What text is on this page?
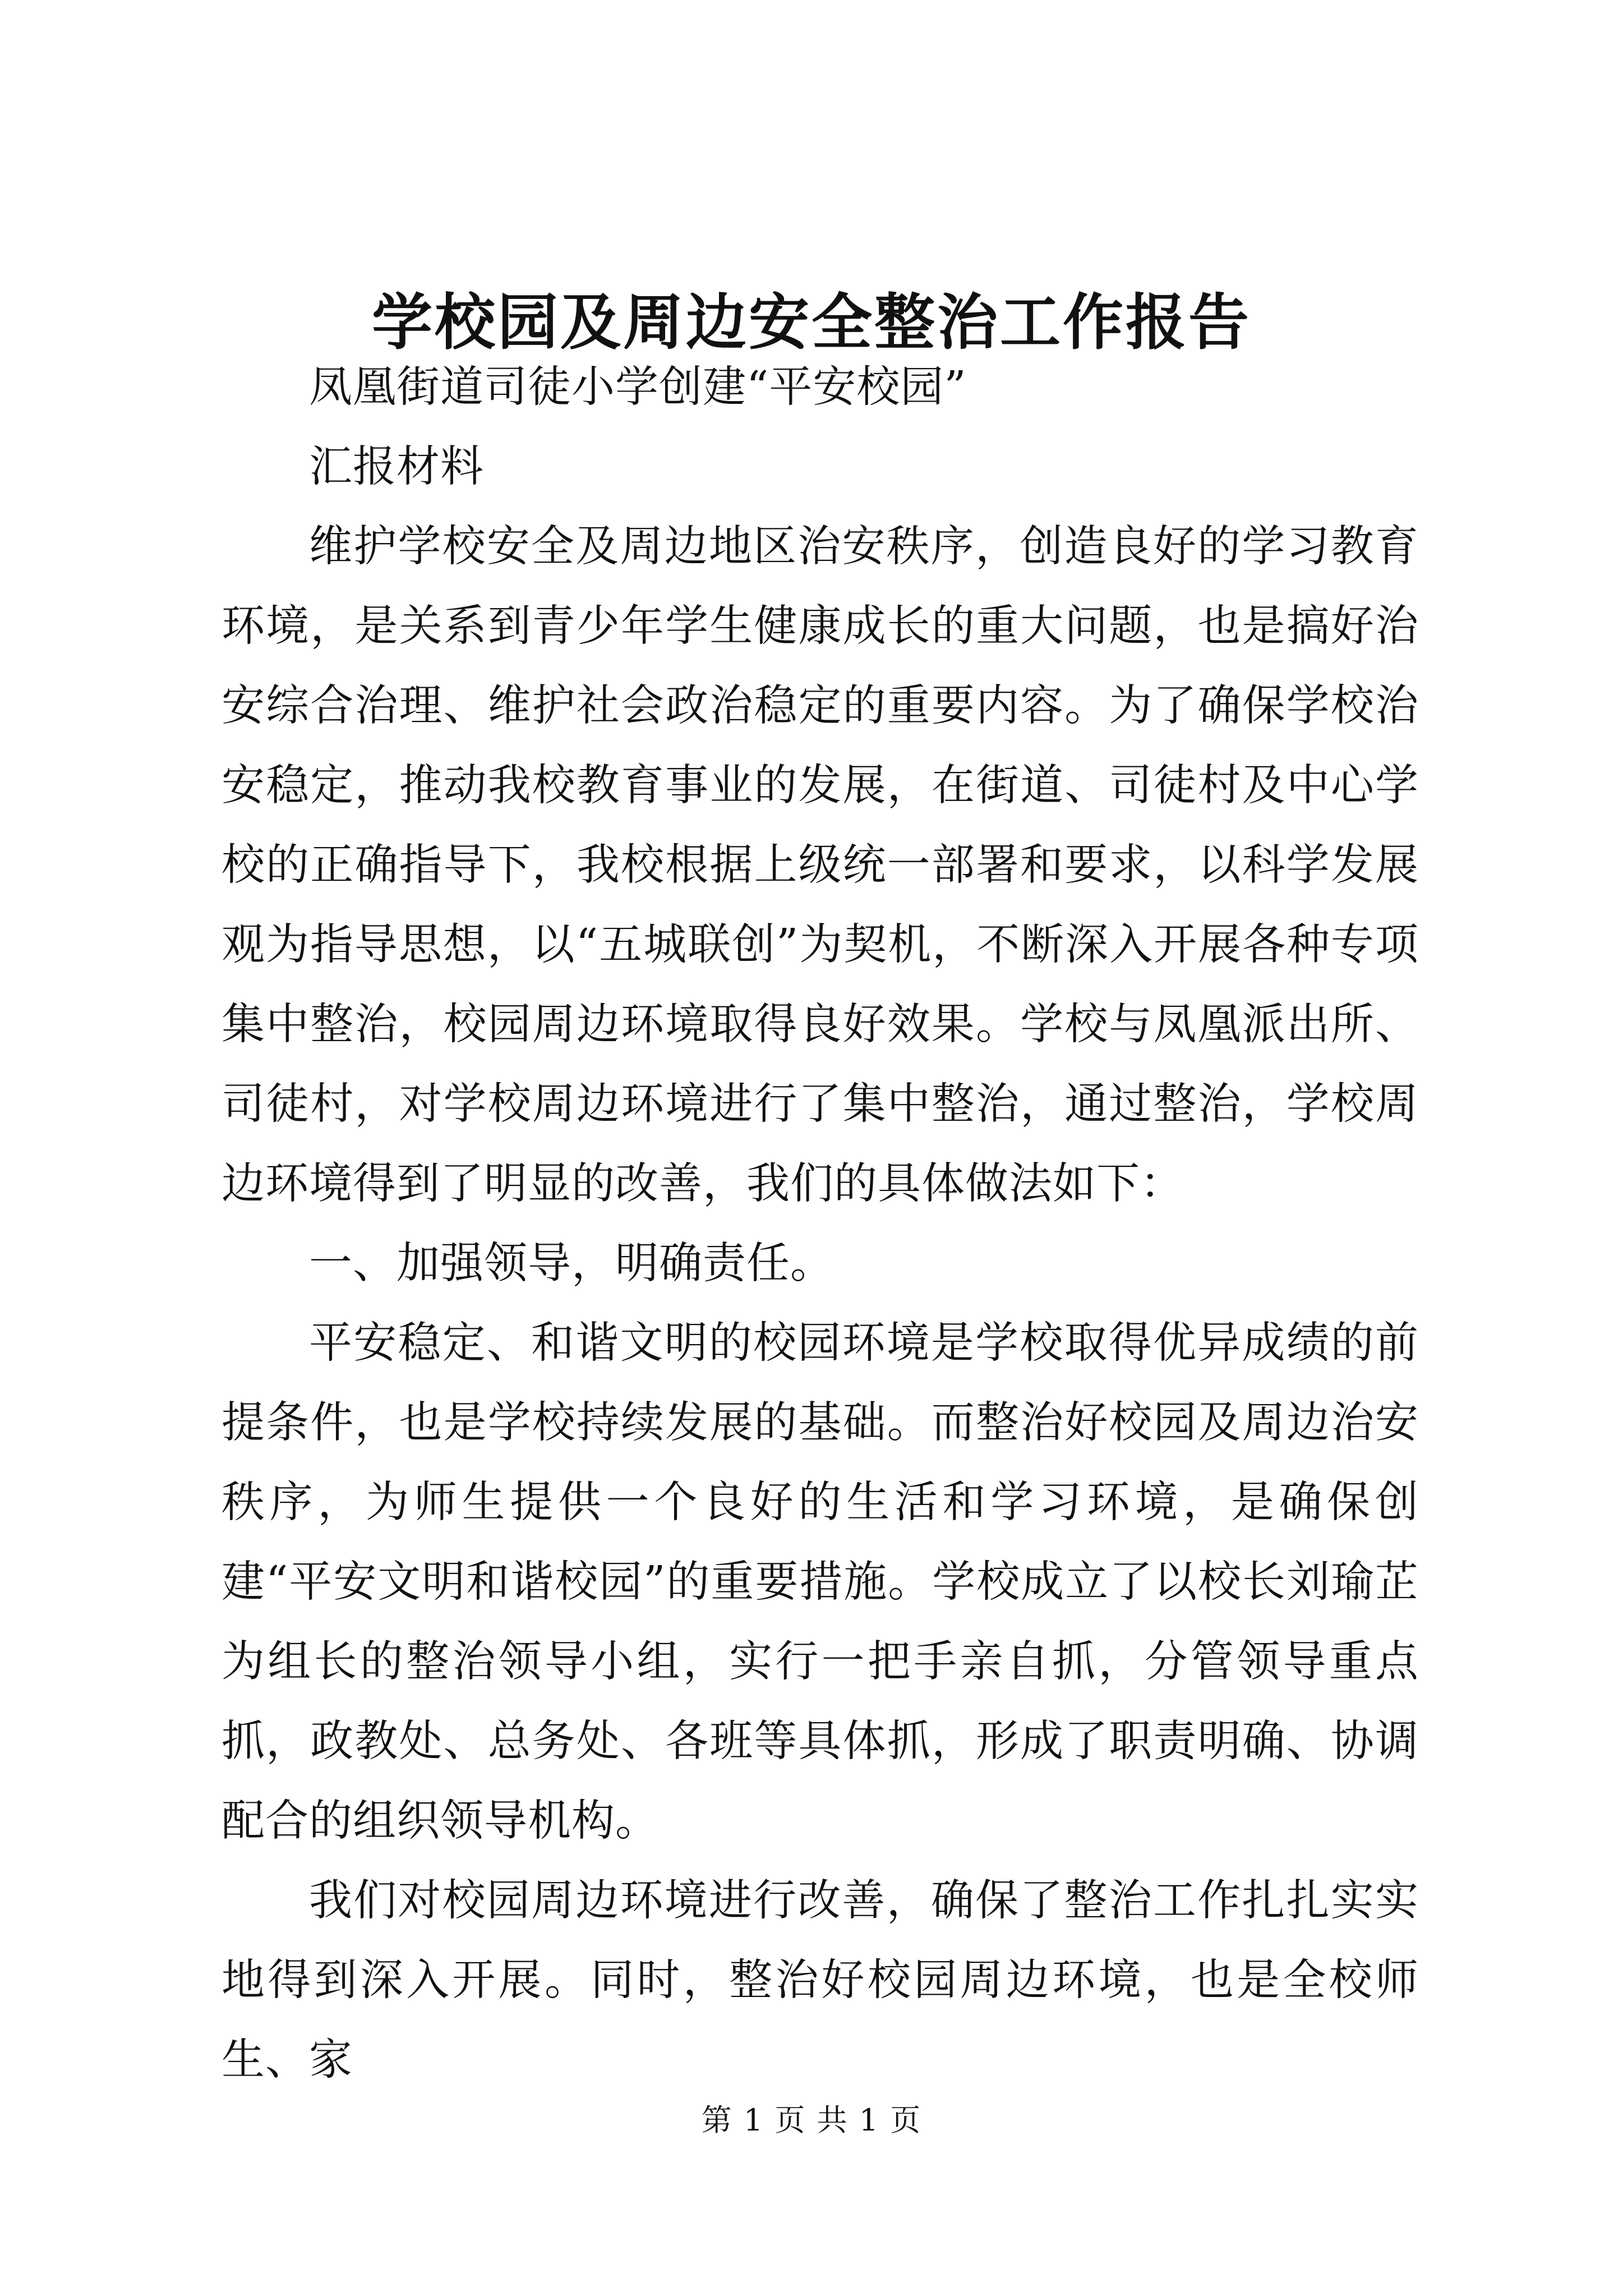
学校园及周边安全整治工作报告

凤凰街道司徒小学创建“平安校园”

汇报材料

维护学校安全及周边地区治安秩序，创造良好的学习教育环境，是关系到青少年学生健康成长的重大问题，也是搞好治安综合治理、维护社会政治稳定的重要内容。为了确保学校治安稳定，推动我校教育事业的发展，在街道、司徒村及中心学校的正确指导下，我校根据上级统一部署和要求，以科学发展观为指导思想，以“五城联创”为契机，不断深入开展各种专项集中整治，校园周边环境取得良好效果。学校与凤凰派出所、司徒村，对学校周边环境进行了集中整治，通过整治，学校周边环境得到了明显的改善，我们的具体做法如下：

一、加强领导，明确责任。

平安稳定、和谐文明的校园环境是学校取得优异成绩的前提条件，也是学校持续发展的基础。而整治好校园及周边治安秩序，为师生提供一个良好的生活和学习环境，是确保创建“平安文明和谐校园”的重要措施。学校成立了以校长刘瑜芷为组长的整治领导小组，实行一把手亲自抓，分管领导重点抓，政教处、总务处、各班等具体抓，形成了职责明确、协调配合的组织领导机构。

我们对校园周边环境进行改善，确保了整治工作扎扎实实地得到深入开展。同时，整治好校园周边环境，也是全校师生、家

第 1 页 共 1 页
